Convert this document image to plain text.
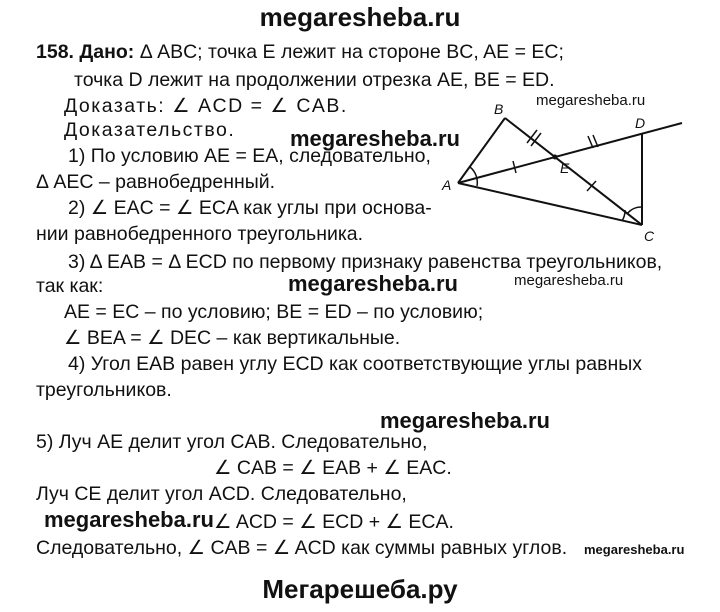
megaresheba.ru
158. Дано: Δ ABC; точка E лежит на стороне BC, AE = EC;
точка D лежит на продолжении отрезка AE, BE = ED.
Доказать: ∠ ACD = ∠ CAB.
Доказательство.
megaresheba.ru
megaresheba.ru
A
B
C
D
E
1) По условию AE = EA, следовательно,
Δ AEC – равнобедренный.
2) ∠ EAC = ∠ ECA как углы при основа-
нии равнобедренного треугольника.
3) Δ EAB = Δ ECD по первому признаку равенства треугольников,
так как:	megaresheba.ru	megaresheba.ru
AE = EC – по условию; BE = ED – по условию;
∠ BEA = ∠ DEC – как вертикальные.
4) Угол EAB равен углу ECD как соответствующие углы равных
треугольников.
megaresheba.ru
5) Луч AE делит угол CAB. Следовательно,
∠ CAB = ∠ EAB + ∠ EAC.
Луч CE делит угол ACD. Следовательно,
megaresheba.ru ∠ ACD = ∠ ECD + ∠ ECA.
Следовательно, ∠ CAB = ∠ ACD как суммы равных углов. megaresheba.ru
Мегарешеба.ру
